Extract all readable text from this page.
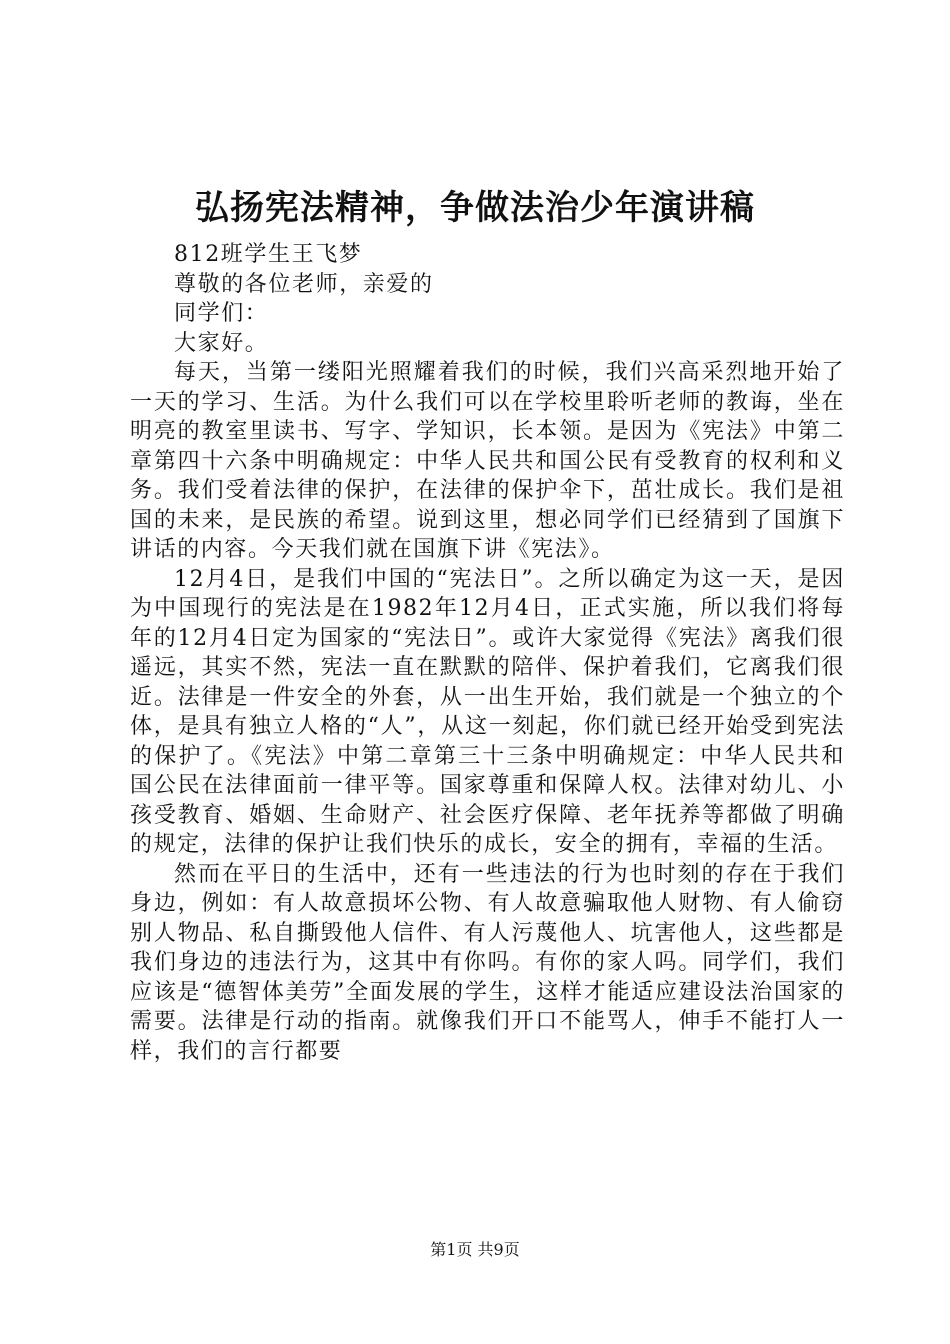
弘扬宪法精神，争做法治少年演讲稿

812班学生王飞梦

尊敬的各位老师，亲爱的

同学们：

大家好。

每天，当第一缕阳光照耀着我们的时候，我们兴高采烈地开始了一天的学习、生活。为什么我们可以在学校里聆听老师的教诲，坐在明亮的教室里读书、写字、学知识，长本领。是因为《宪法》中第二章第四十六条中明确规定：中华人民共和国公民有受教育的权利和义务。我们受着法律的保护，在法律的保护伞下，茁壮成长。我们是祖国的未来，是民族的希望。说到这里，想必同学们已经猜到了国旗下讲话的内容。今天我们就在国旗下讲《宪法》。

12月4日，是我们中国的“宪法日”。之所以确定为这一天，是因为中国现行的宪法是在1982年12月4日，正式实施，所以我们将每年的12月4日定为国家的“宪法日”。或许大家觉得《宪法》离我们很遥远，其实不然，宪法一直在默默的陪伴、保护着我们，它离我们很近。法律是一件安全的外套，从一出生开始，我们就是一个独立的个体，是具有独立人格的“人”，从这一刻起，你们就已经开始受到宪法的保护了。《宪法》中第二章第三十三条中明确规定：中华人民共和国公民在法律面前一律平等。国家尊重和保障人权。法律对幼儿、小孩受教育、婚姻、生命财产、社会医疗保障、老年抚养等都做了明确的规定，法律的保护让我们快乐的成长，安全的拥有，幸福的生活。

然而在平日的生活中，还有一些违法的行为也时刻的存在于我们身边，例如：有人故意损坏公物、有人故意骗取他人财物、有人偷窃别人物品、私自撕毁他人信件、有人污蔑他人、坑害他人，这些都是我们身边的违法行为，这其中有你吗。有你的家人吗。同学们，我们应该是“德智体美劳”全面发展的学生，这样才能适应建设法治国家的需要。法律是行动的指南。就像我们开口不能骂人，伸手不能打人一样，我们的言行都要

第1页 共9页
